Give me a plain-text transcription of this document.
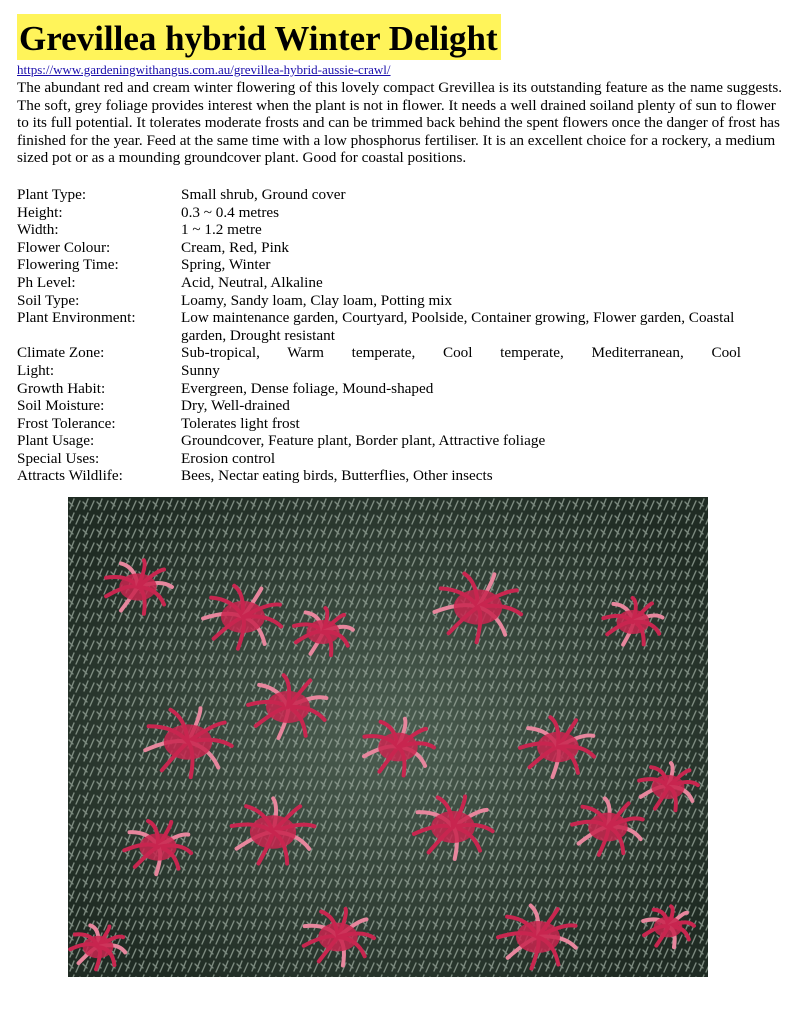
Grevillea hybrid Winter Delight
https://www.gardeningwithangus.com.au/grevillea-hybrid-aussie-crawl/

The abundant red and cream winter flowering of this lovely compact Grevillea is its outstanding feature as the name suggests. The soft, grey foliage provides interest when the plant is not in flower. It needs a well drained soiland plenty of sun to flower to its full potential. It tolerates moderate frosts and can be trimmed back behind the spent flowers once the danger of frost has finished for the year. Feed at the same time with a low phosphorus fertiliser. It is an excellent choice for a rockery, a medium sized pot or as a mounding groundcover plant. Good for coastal positions.

Plant Type:	Small shrub, Ground cover
Height:	0.3 ~ 0.4 metres
Width:	1 ~ 1.2 metre
Flower Colour:	Cream, Red, Pink
Flowering Time:	Spring, Winter
Ph Level:	Acid, Neutral, Alkaline
Soil Type:	Loamy, Sandy loam, Clay loam, Potting mix
Plant Environment:	Low maintenance garden, Courtyard, Poolside, Container growing, Flower garden, Coastal garden, Drought resistant
Climate Zone:	Sub-tropical, Warm temperate, Cool temperate, Mediterranean, Cool
Light:	Sunny
Growth Habit:	Evergreen, Dense foliage, Mound-shaped
Soil Moisture:	Dry, Well-drained
Frost Tolerance:	Tolerates light frost
Plant Usage:	Groundcover, Feature plant, Border plant, Attractive foliage
Special Uses:	Erosion control
Attracts Wildlife:	Bees, Nectar eating birds, Butterflies, Other insects
